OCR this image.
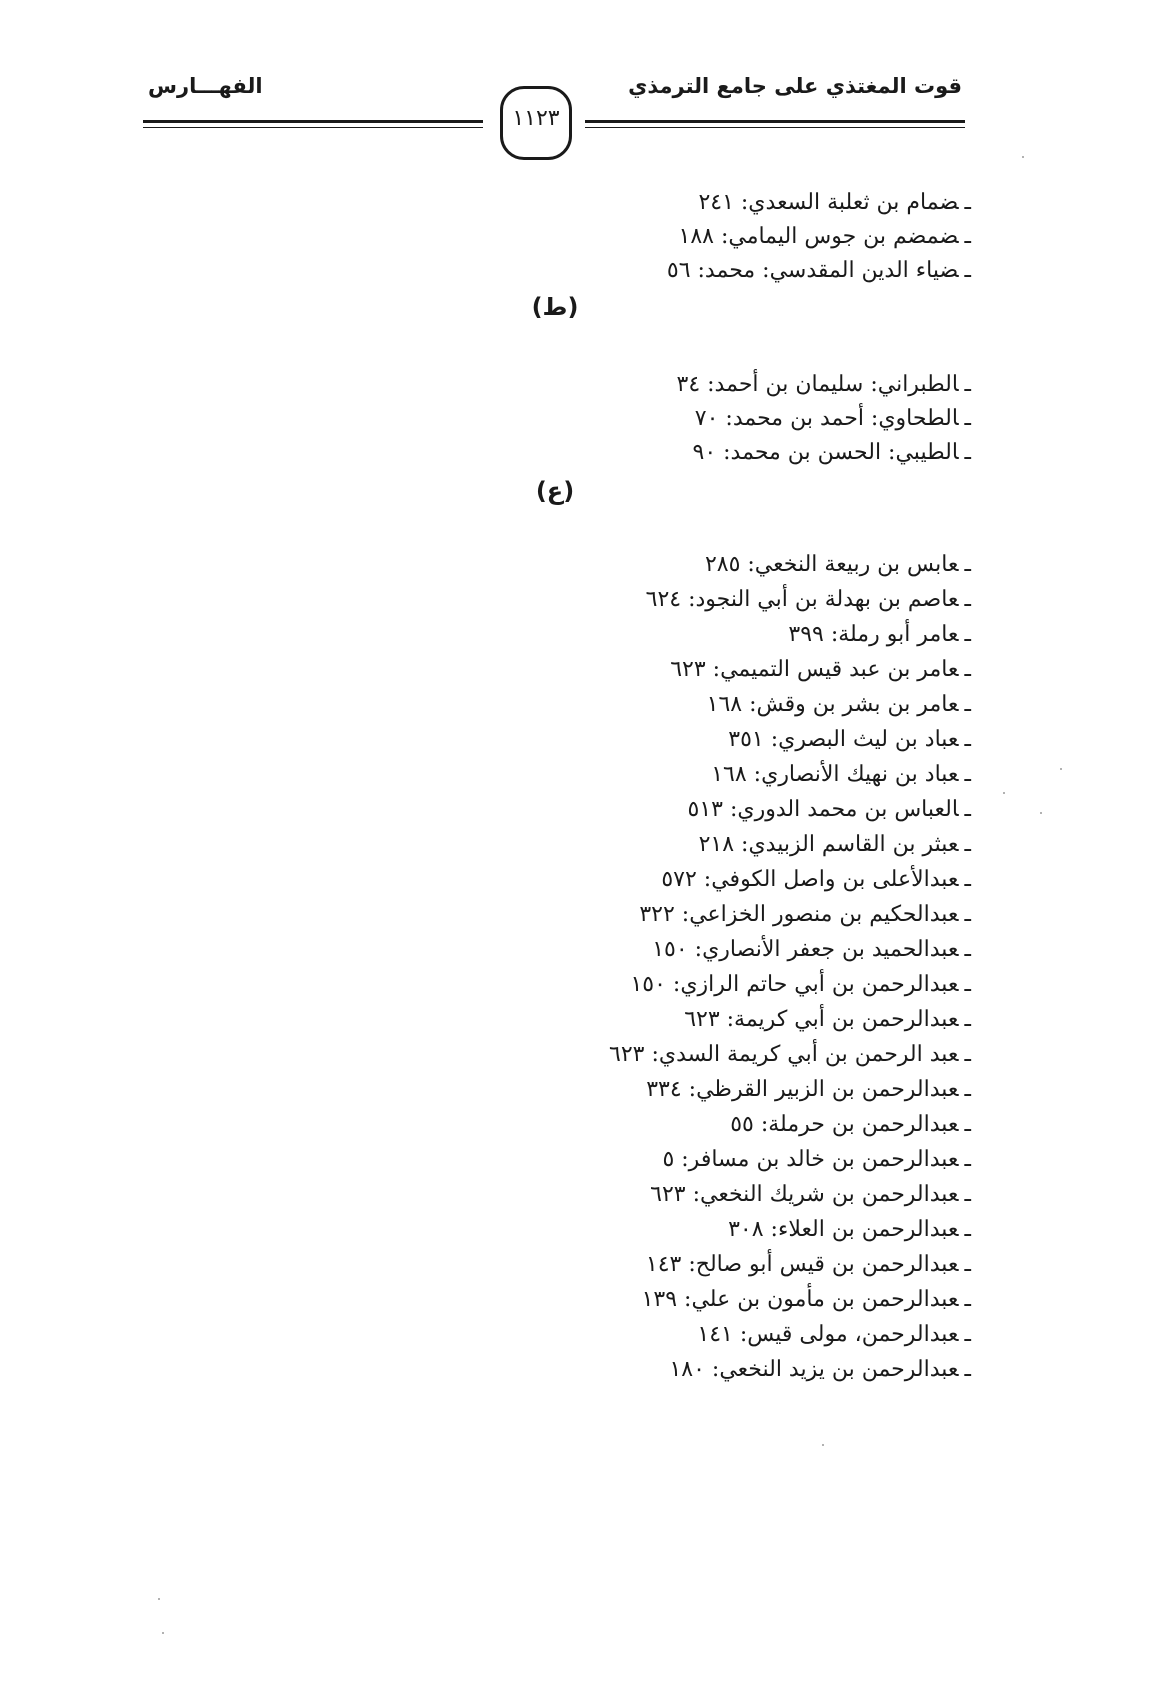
قوت المغتذي على جامع الترمذي
الفهـــارس
١١٢٣
ـضمام بن ثعلبة السعدي: ٢٤١
ـضمضم بن جوس اليمامي: ١٨٨
ـضياء الدين المقدسي: محمد: ٥٦
(ط)
ـالطبراني: سليمان بن أحمد: ٣٤
ـالطحاوي: أحمد بن محمد: ٧٠
ـالطيبي: الحسن بن محمد: ٩٠
(ع)
ـعابس بن ربيعة النخعي: ٢٨٥
ـعاصم بن بهدلة بن أبي النجود: ٦٢٤
ـعامر أبو رملة: ٣٩٩
ـعامر بن عبد قيس التميمي: ٦٢٣
ـعامر بن بشر بن وقش: ١٦٨
ـعباد بن ليث البصري: ٣٥١
ـعباد بن نهيك الأنصاري: ١٦٨
ـالعباس بن محمد الدوري: ٥١٣
ـعبثر بن القاسم الزبيدي: ٢١٨
ـعبدالأعلى بن واصل الكوفي: ٥٧٢
ـعبدالحكيم بن منصور الخزاعي: ٣٢٢
ـعبدالحميد بن جعفر الأنصاري: ١٥٠
ـعبدالرحمن بن أبي حاتم الرازي: ١٥٠
ـعبدالرحمن بن أبي كريمة: ٦٢٣
ـعبد الرحمن بن أبي كريمة السدي: ٦٢٣
ـعبدالرحمن بن الزبير القرظي: ٣٣٤
ـعبدالرحمن بن حرملة: ٥٥
ـعبدالرحمن بن خالد بن مسافر: ٥
ـعبدالرحمن بن شريك النخعي: ٦٢٣
ـعبدالرحمن بن العلاء: ٣٠٨
ـعبدالرحمن بن قيس أبو صالح: ١٤٣
ـعبدالرحمن بن مأمون بن علي: ١٣٩
ـعبدالرحمن، مولى قيس: ١٤١
ـعبدالرحمن بن يزيد النخعي: ١٨٠
